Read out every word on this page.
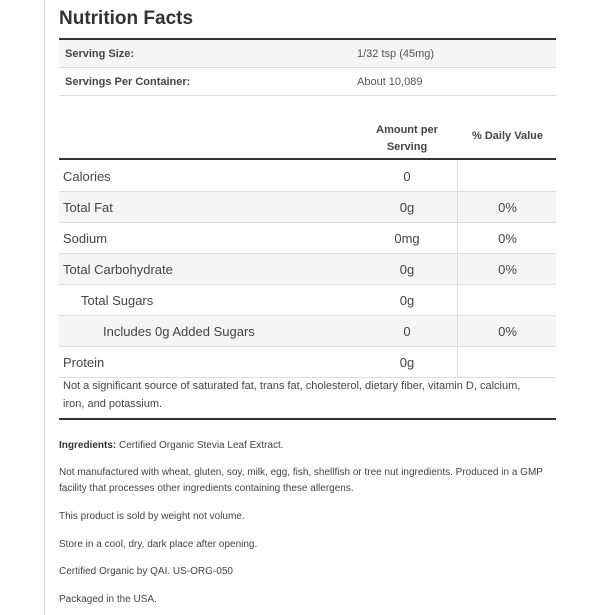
Nutrition Facts
Serving Size:	1/32 tsp (45mg)
Servings Per Container:	About 10,089
Amount per
Serving
% Daily Value
Calories	0
Total Fat	0g	0%
Sodium	0mg	0%
Total Carbohydrate	0g	0%
Total Sugars	0g
Includes 0g Added Sugars	0	0%
Protein	0g
Not a significant source of saturated fat, trans fat, cholesterol, dietary fiber, vitamin D, calcium, iron, and potassium.
Ingredients: Certified Organic Stevia Leaf Extract.
Not manufactured with wheat, gluten, soy, milk, egg, fish, shellfish or tree nut ingredients. Produced in a GMP facility that processes other ingredients containing these allergens.
This product is sold by weight not volume.
Store in a cool, dry, dark place after opening.
Certified Organic by QAI. US-ORG-050
Packaged in the USA.
